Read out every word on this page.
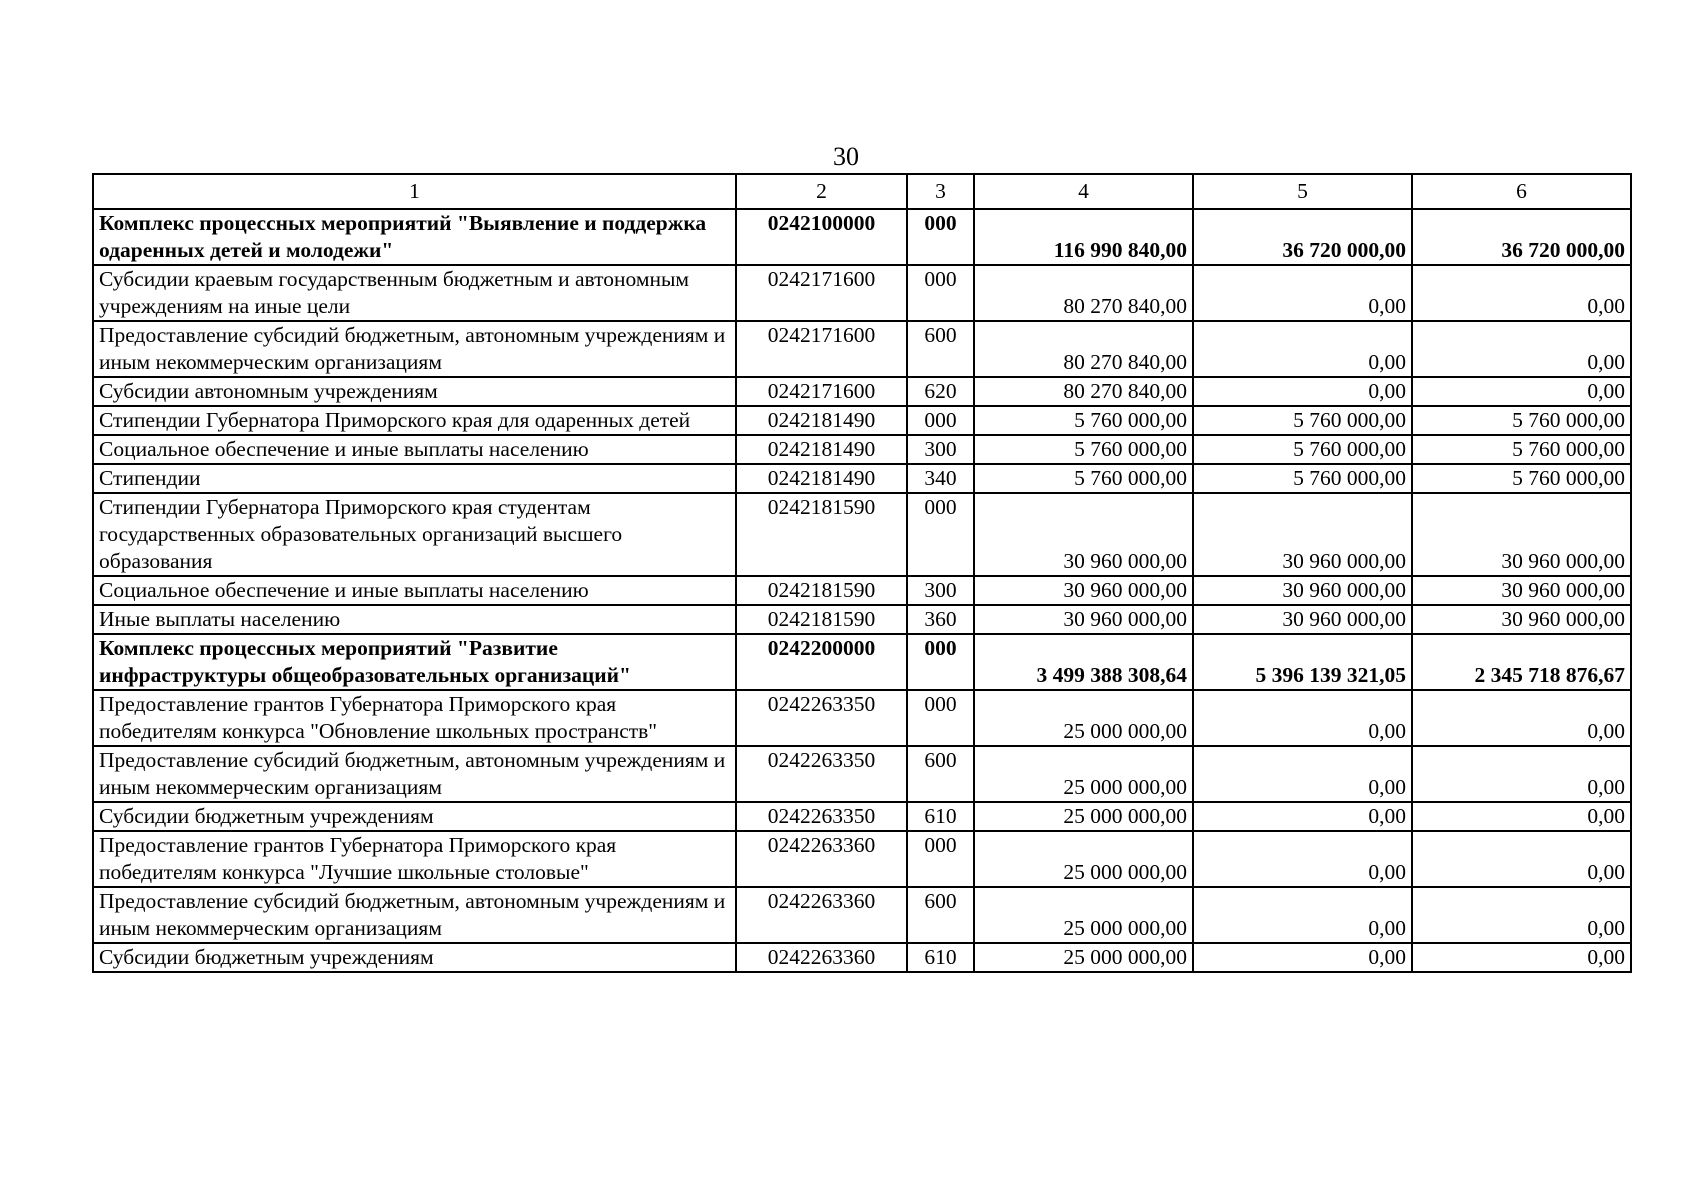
30
1	2	3	4	5	6
Комплекс процессных мероприятий "Выявление и поддержка одаренных детей и молодежи"	0242100000	000	116 990 840,00	36 720 000,00	36 720 000,00
Субсидии краевым государственным бюджетным и автономным учреждениям на иные цели	0242171600	000	80 270 840,00	0,00	0,00
Предоставление субсидий бюджетным, автономным учреждениям и иным некоммерческим организациям	0242171600	600	80 270 840,00	0,00	0,00
Субсидии автономным учреждениям	0242171600	620	80 270 840,00	0,00	0,00
Стипендии Губернатора Приморского края для одаренных детей	0242181490	000	5 760 000,00	5 760 000,00	5 760 000,00
Социальное обеспечение и иные выплаты населению	0242181490	300	5 760 000,00	5 760 000,00	5 760 000,00
Стипендии	0242181490	340	5 760 000,00	5 760 000,00	5 760 000,00
Стипендии Губернатора Приморского края студентам государственных образовательных организаций высшего образования	0242181590	000	30 960 000,00	30 960 000,00	30 960 000,00
Социальное обеспечение и иные выплаты населению	0242181590	300	30 960 000,00	30 960 000,00	30 960 000,00
Иные выплаты населению	0242181590	360	30 960 000,00	30 960 000,00	30 960 000,00
Комплекс процессных мероприятий "Развитие инфраструктуры общеобразовательных организаций"	0242200000	000	3 499 388 308,64	5 396 139 321,05	2 345 718 876,67
Предоставление грантов Губернатора Приморского края победителям конкурса "Обновление школьных пространств"	0242263350	000	25 000 000,00	0,00	0,00
Предоставление субсидий бюджетным, автономным учреждениям и иным некоммерческим организациям	0242263350	600	25 000 000,00	0,00	0,00
Субсидии бюджетным учреждениям	0242263350	610	25 000 000,00	0,00	0,00
Предоставление грантов Губернатора Приморского края победителям конкурса "Лучшие школьные столовые"	0242263360	000	25 000 000,00	0,00	0,00
Предоставление субсидий бюджетным, автономным учреждениям и иным некоммерческим организациям	0242263360	600	25 000 000,00	0,00	0,00
Субсидии бюджетным учреждениям	0242263360	610	25 000 000,00	0,00	0,00
